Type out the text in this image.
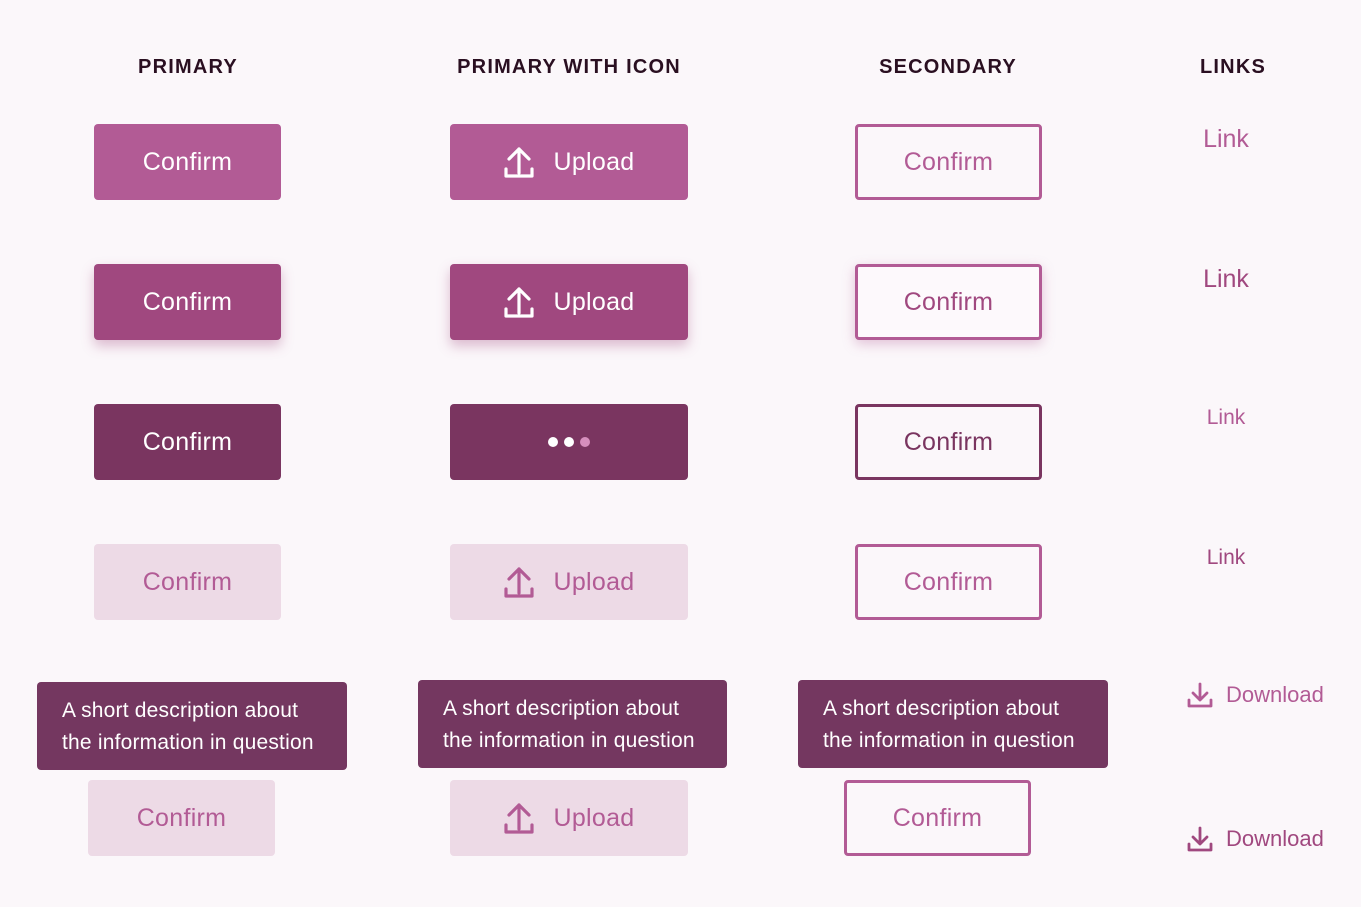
PRIMARY	PRIMARY WITH ICON	SECONDARY	LINKS
Confirm
Confirm
Confirm
Confirm
A short description about
the information in question
Confirm
Upload
Upload
Upload
A short description about
the information in question
Upload
Confirm
Confirm
Confirm
Confirm
A short description about
the information in question
Confirm
Link
Link
Link
Link
Download
Download
